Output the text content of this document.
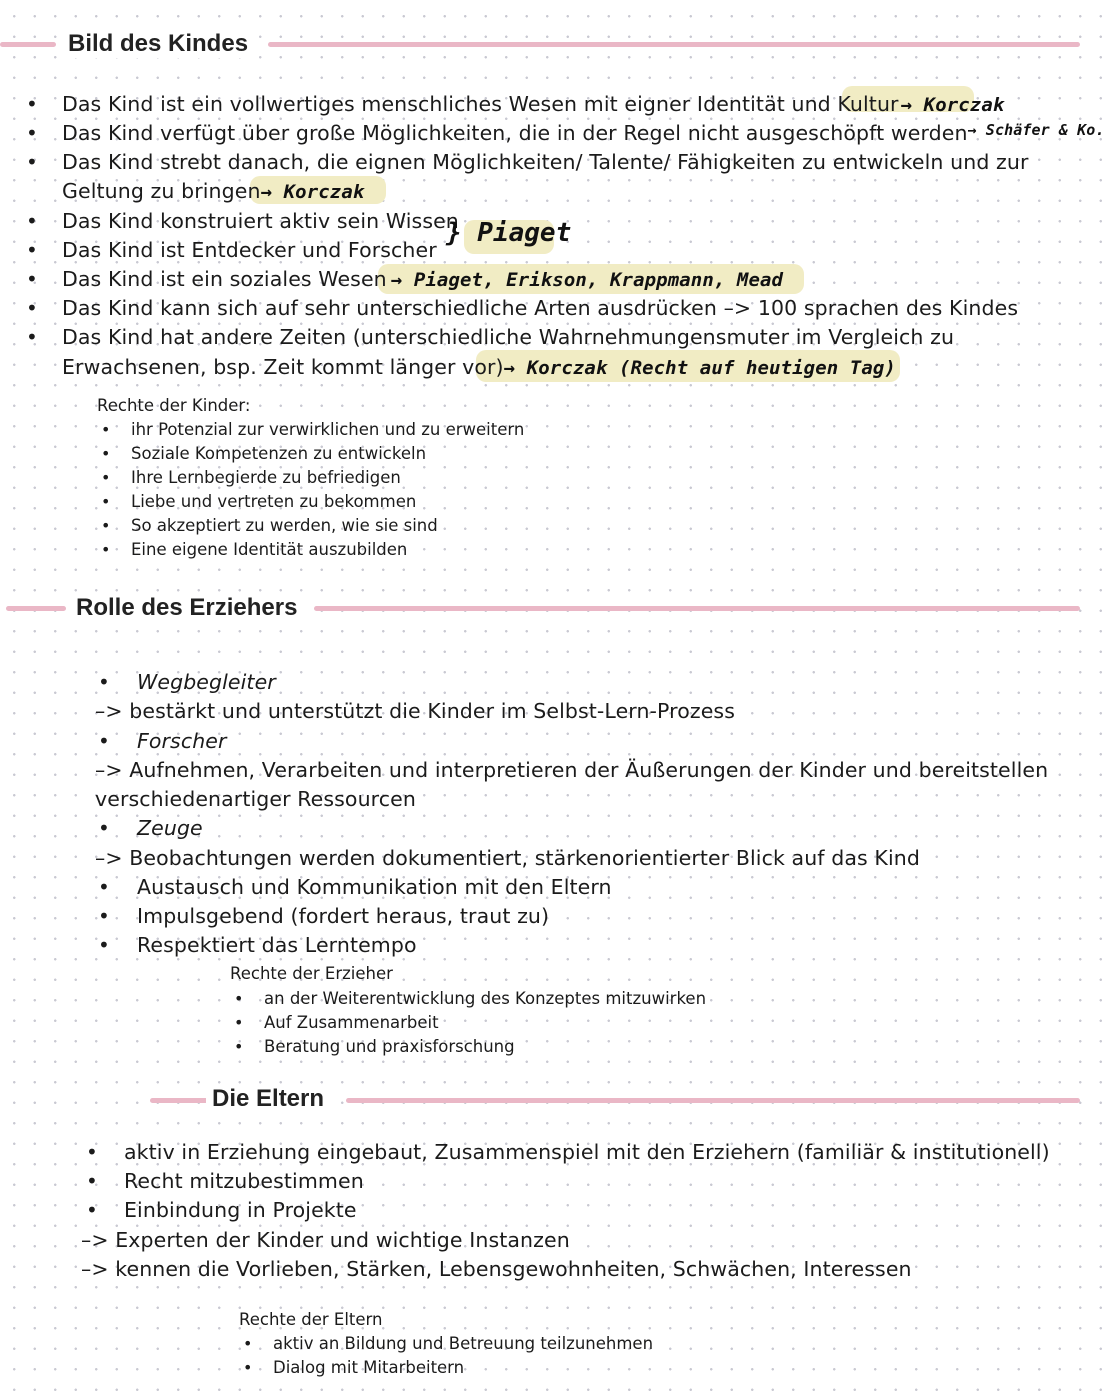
Bild des Kindes
•
•
•
•
•
•
•
•
Das Kind ist ein vollwertiges menschliches Wesen mit eigner Identität und Kultur → Korczak
Das Kind verfügt über große Möglichkeiten, die in der Regel nicht ausgeschöpft werden$^{\to Schäfer \& Ko.}$
Das Kind strebt danach, die eignen Möglichkeiten/ Talente/ Fähigkeiten zu entwickeln und zur
Geltung zu bringen→ Korczak
Das Kind konstruiert aktiv sein Wissen
Das Kind ist Entdecker und Forscher
} Piaget
Das Kind ist ein soziales Wesen → Piaget, Erikson, Krappmann, Mead
Das Kind kann sich auf sehr unterschiedliche Arten ausdrücken –> 100 sprachen des Kindes
Das Kind hat andere Zeiten (unterschiedliche Wahrnehmungensmuter im Vergleich zu
Erwachsenen, bsp. Zeit kommt länger vor)→ Korczak (Recht auf heutigen Tag)
Rechte der Kinder:
• ihr Potenzial zur verwirklichen und zu erweitern
• Soziale Kompetenzen zu entwickeln
• Ihre Lernbegierde zu befriedigen
• Liebe und vertreten zu bekommen
• So akzeptiert zu werden, wie sie sind
• Eine eigene Identität auszubilden
Rolle des Erziehers
• Wegbegleiter
–> bestärkt und unterstützt die Kinder im Selbst-Lern-Prozess
• Forscher
–> Aufnehmen, Verarbeiten und interpretieren der Äußerungen der Kinder und bereitstellen
verschiedenartiger Ressourcen
• Zeuge
–> Beobachtungen werden dokumentiert, stärkenorientierter Blick auf das Kind
• Austausch und Kommunikation mit den Eltern
• Impulsgebend (fordert heraus, traut zu)
• Respektiert das Lerntempo
Rechte der Erzieher
• an der Weiterentwicklung des Konzeptes mitzuwirken
• Auf Zusammenarbeit
• Beratung und praxisforschung
Die Eltern
• aktiv in Erziehung eingebaut, Zusammenspiel mit den Erziehern (familiär & institutionell)
• Recht mitzubestimmen
• Einbindung in Projekte
–> Experten der Kinder und wichtige Instanzen
–> kennen die Vorlieben, Stärken, Lebensgewohnheiten, Schwächen, Interessen
Rechte der Eltern
• aktiv an Bildung und Betreuung teilzunehmen
• Dialog mit Mitarbeitern
